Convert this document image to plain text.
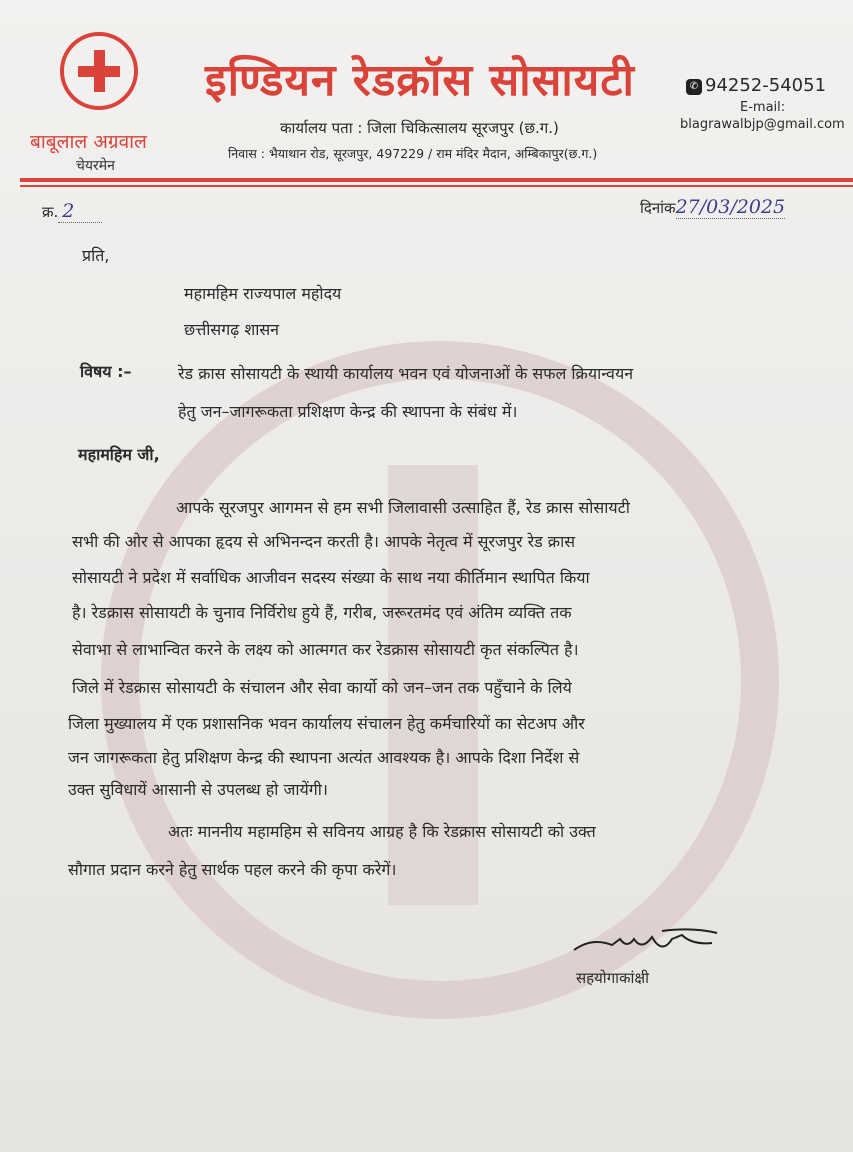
इण्डियन रेडक्रॉस सोसायटी
बाबूलाल अग्रवाल
चेयरमेन
कार्यालय पता : जिला चिकित्सालय सूरजपुर (छ.ग.)
निवास : भैयाथान रोड, सूरजपुर, 497229 / राम मंदिर मैदान, अम्बिकापुर(छ.ग.)
✆ 94252-54051
E-mail:
blagrawalbjp@gmail.com
क्र. 2	दिनांक27/03/2025
प्रति,
महामहिम राज्यपाल महोदय
छत्तीसगढ़ शासन
विषय :–	रेड क्रास सोसायटी के स्थायी कार्यालय भवन एवं योजनाओं के सफल क्रियान्वयन
हेतु जन–जागरूकता प्रशिक्षण केन्द्र की स्थापना के संबंध में।
महामहिम जी,
आपके सूरजपुर आगमन से हम सभी जिलावासी उत्साहित हैं, रेड क्रास सोसायटी
सभी की ओर से आपका हृदय से अभिनन्दन करती है। आपके नेतृत्व में सूरजपुर रेड क्रास
सोसायटी ने प्रदेश में सर्वाधिक आजीवन सदस्य संख्या के साथ नया कीर्तिमान स्थापित किया
है। रेडक्रास सोसायटी के चुनाव निर्विरोध हुये हैं, गरीब, जरूरतमंद एवं अंतिम व्यक्ति तक
सेवाभा से लाभान्वित करने के लक्ष्य को आत्मगत कर रेडक्रास सोसायटी कृत संकल्पित है।
जिले में रेडक्रास सोसायटी के संचालन और सेवा कार्यो को जन–जन तक पहुँचाने के लिये
जिला मुख्यालय में एक प्रशासनिक भवन कार्यालय संचालन हेतु कर्मचारियों का सेटअप और
जन जागरूकता हेतु प्रशिक्षण केन्द्र की स्थापना अत्यंत आवश्यक है। आपके दिशा निर्देश से
उक्त सुविधायें आसानी से उपलब्ध हो जायेंगी।
अतः माननीय महामहिम से सविनय आग्रह है कि रेडक्रास सोसायटी को उक्त
सौगात प्रदान करने हेतु सार्थक पहल करने की कृपा करेगें।
सहयोगाकांक्षी
